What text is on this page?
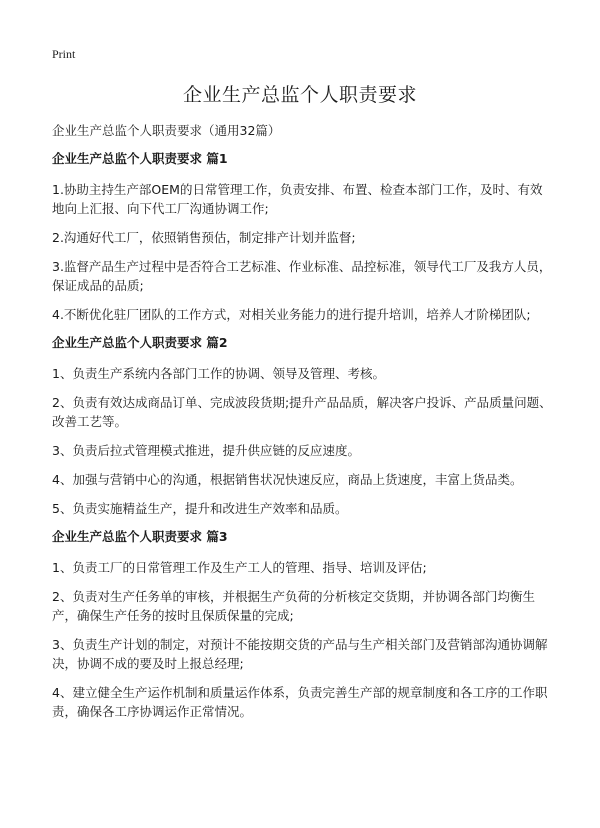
Print
企业生产总监个人职责要求

企业生产总监个人职责要求（通用32篇）

企业生产总监个人职责要求 篇1

1.协助主持生产部OEM的日常管理工作，负责安排、布置、检查本部门工作，及时、有效地向上汇报、向下代工厂沟通协调工作;

2.沟通好代工厂，依照销售预估，制定排产计划并监督;

3.监督产品生产过程中是否符合工艺标准、作业标准、品控标准，领导代工厂及我方人员，保证成品的品质;

4.不断优化驻厂团队的工作方式，对相关业务能力的进行提升培训，培养人才阶梯团队;

企业生产总监个人职责要求 篇2

1、负责生产系统内各部门工作的协调、领导及管理、考核。

2、负责有效达成商品订单、完成波段货期;提升产品品质，解决客户投诉、产品质量问题、改善工艺等。

3、负责后拉式管理模式推进，提升供应链的反应速度。

4、加强与营销中心的沟通，根据销售状况快速反应，商品上货速度，丰富上货品类。

5、负责实施精益生产，提升和改进生产效率和品质。

企业生产总监个人职责要求 篇3

1、负责工厂的日常管理工作及生产工人的管理、指导、培训及评估;

2、负责对生产任务单的审核，并根据生产负荷的分析核定交货期，并协调各部门均衡生产，确保生产任务的按时且保质保量的完成;

3、负责生产计划的制定，对预计不能按期交货的产品与生产相关部门及营销部沟通协调解决，协调不成的要及时上报总经理;

4、建立健全生产运作机制和质量运作体系，负责完善生产部的规章制度和各工序的工作职责，确保各工序协调运作正常情况。
